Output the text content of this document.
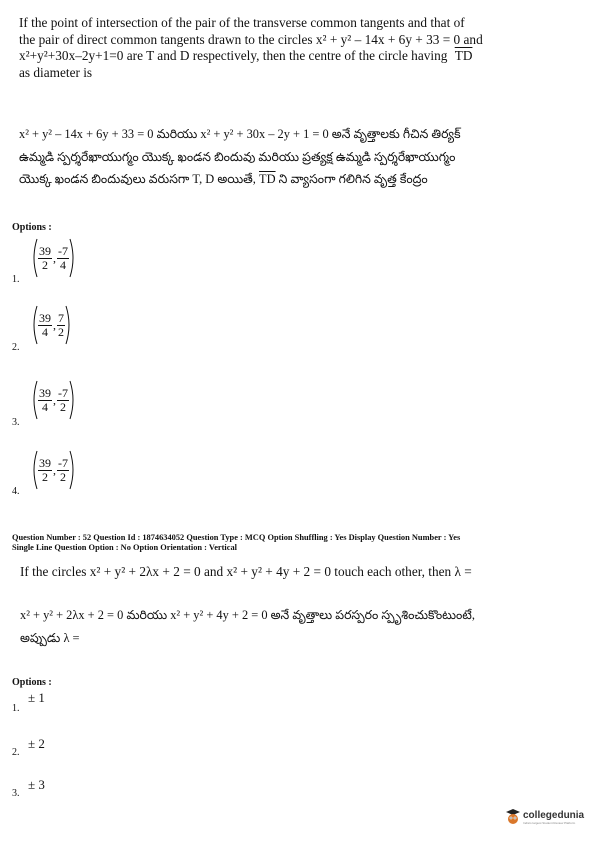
If the point of intersection of the pair of the transverse common tangents and that of
the pair of direct common tangents drawn to the circles x² + y² – 14x + 6y + 33 = 0 and
x²+y²+30x–2y+1=0 are T and D respectively, then the centre of the circle having $\overline{TD}$
as diameter is
x² + y² – 14x + 6y + 33 = 0 మరియు x² + y² + 30x – 2y + 1 = 0 అనే వృత్తాలకు గీచిన తిర్యక్
ఉమ్మడి స్పర్శరేఖాయుగ్మం యొక్క ఖండన బిందువు మరియు ప్రత్యక్ష ఉమ్మడి స్పర్శరేఖాయుగ్మం
యొక్క ఖండన బిందువులు వరుసగా T, D అయితే, $\overline{TD}$ ని వ్యాసంగా గలిగిన వృత్త కేంద్రం
Options :
$\frac{39}{2}$ , $\frac{-7}{4}$
1.
$\frac{39}{4}$ , $\frac{7}{2}$
2.
$\frac{39}{4}$ , $\frac{-7}{2}$
3.
$\frac{39}{2}$ , $\frac{-7}{2}$
4.
Question Number : 52 Question Id : 1874634052 Question Type : MCQ Option Shuffling : Yes Display Question Number : Yes
Single Line Question Option : No Option Orientation : Vertical
If the circles x² + y² + 2λx + 2 = 0 and x² + y² + 4y + 2 = 0 touch each other, then λ =
x² + y² + 2λx + 2 = 0 మరియు x² + y² + 4y + 2 = 0 అనే వృత్తాలు పరస్పరం స్పృశించుకొంటుంటే,
అప్పుడు λ =
Options :
± 1
1.
± 2
2.
± 3
3.
collegedunia
India's largest Student Review Platform
